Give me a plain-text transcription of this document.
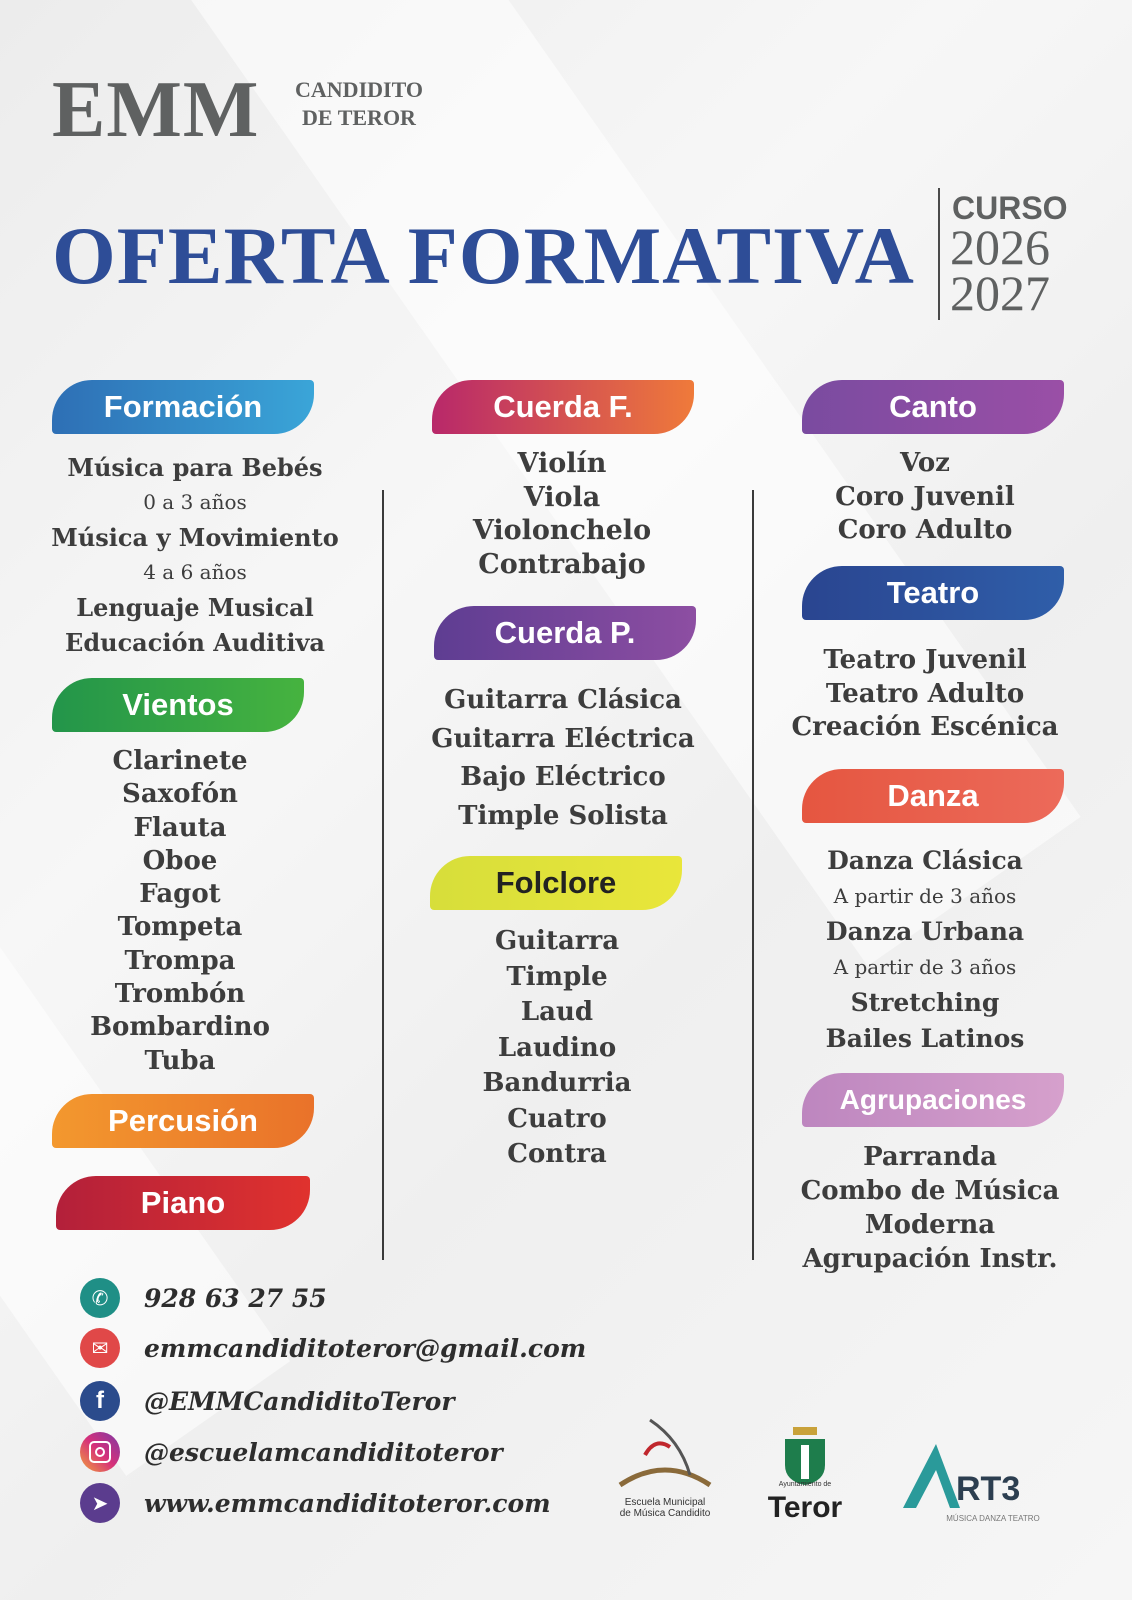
EMM	CANDIDITO
DE TEROR
OFERTA FORMATIVA
CURSO
2026
2027
Formación
Música para Bebés
0 a 3 años
Música y Movimiento
4 a 6 años
Lenguaje Musical
Educación Auditiva
Vientos
Clarinete
Saxofón
Flauta
Oboe
Fagot
Tompeta
Trompa
Trombón
Bombardino
Tuba
Percusión
Piano
Cuerda F.
Violín
Viola
Violonchelo
Contrabajo
Cuerda P.
Guitarra Clásica
Guitarra Eléctrica
Bajo Eléctrico
Timple Solista
Folclore
Guitarra
Timple
Laud
Laudino
Bandurria
Cuatro
Contra
Canto
Voz
Coro Juvenil
Coro Adulto
Teatro
Teatro Juvenil
Teatro Adulto
Creación Escénica
Danza
Danza Clásica
A partir de 3 años
Danza Urbana
A partir de 3 años
Stretching
Bailes Latinos
Agrupaciones
Parranda
Combo de Música
Moderna
Agrupación Instr.
✆	928 63 27 55
✉	emmcandiditoteror@gmail.com
f	@EMMCandiditoTeror
@escuelamcandiditoteror
➤	www.emmcandiditoteror.com	Escuela Municipal
de Música Candidito
Ayuntamiento de
Teror	RT3
MÚSICA DANZA TEATRO
